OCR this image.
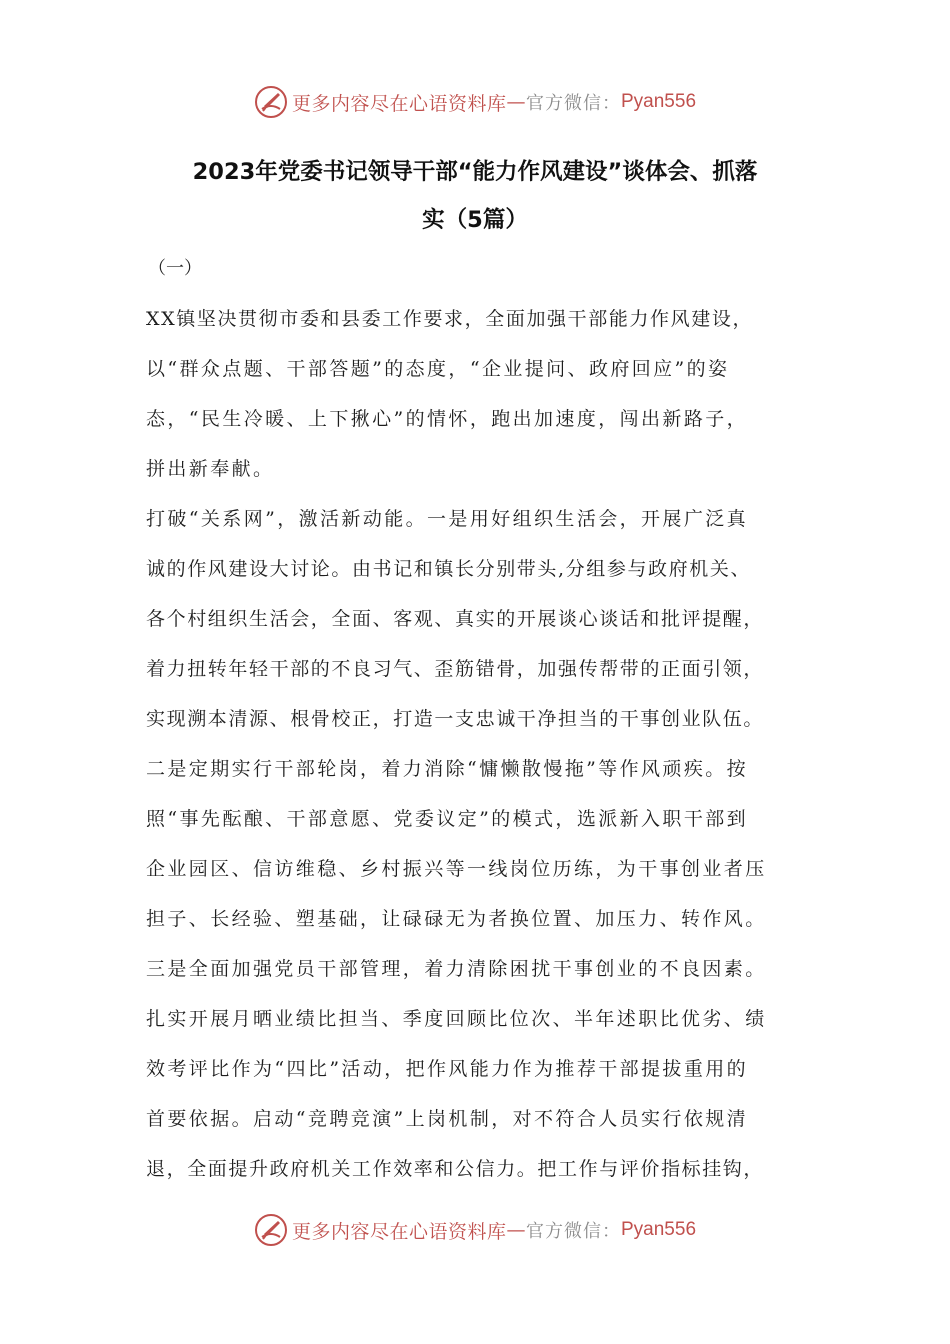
更多内容尽在心语资料库 — 官方微信： Pyan556
2023年党委书记领导干部“能力作风建设”谈体会、抓落
实（5篇）
（一）
XX镇坚决贯彻市委和县委工作要求，全面加强干部能力作风建设，
以“群众点题、干部答题”的态度，“企业提问、政府回应”的姿
态，“民生冷暖、上下揪心”的情怀，跑出加速度，闯出新路子，
拼出新奉献。
打破“关系网”，激活新动能。一是用好组织生活会，开展广泛真
诚的作风建设大讨论。由书记和镇长分别带头,分组参与政府机关、
各个村组织生活会，全面、客观、真实的开展谈心谈话和批评提醒，
着力扭转年轻干部的不良习气、歪筋错骨，加强传帮带的正面引领，
实现溯本清源、根骨校正，打造一支忠诚干净担当的干事创业队伍。
二是定期实行干部轮岗，着力消除“慵懒散慢拖”等作风顽疾。按
照“事先酝酿、干部意愿、党委议定”的模式，选派新入职干部到
企业园区、信访维稳、乡村振兴等一线岗位历练，为干事创业者压
担子、长经验、塑基础，让碌碌无为者换位置、加压力、转作风。
三是全面加强党员干部管理，着力清除困扰干事创业的不良因素。
扎实开展月晒业绩比担当、季度回顾比位次、半年述职比优劣、绩
效考评比作为“四比”活动，把作风能力作为推荐干部提拔重用的
首要依据。启动“竞聘竞演”上岗机制，对不符合人员实行依规清
退，全面提升政府机关工作效率和公信力。把工作与评价指标挂钩，
更多内容尽在心语资料库 — 官方微信： Pyan556
